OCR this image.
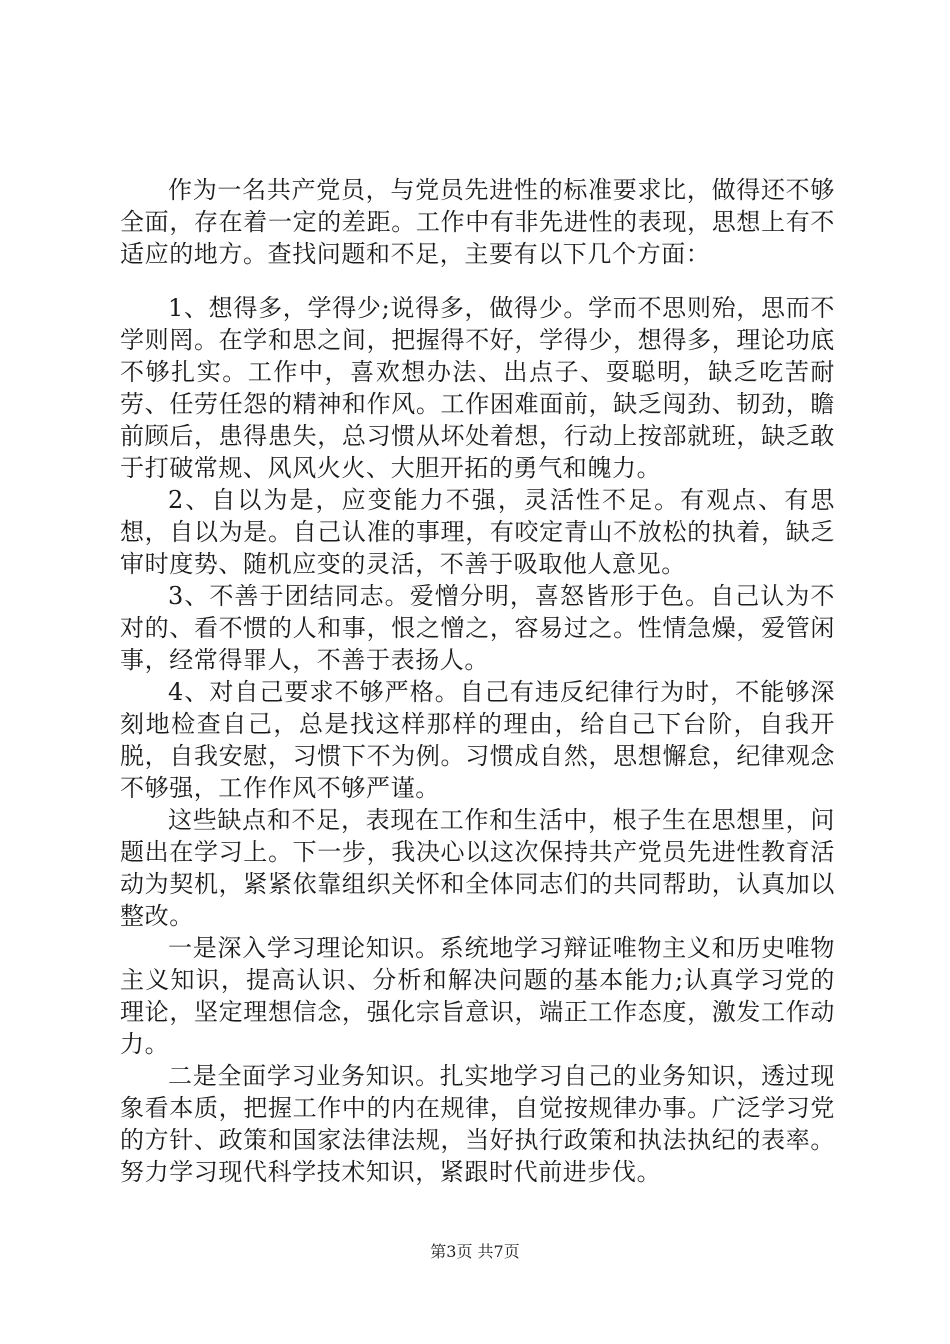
作为一名共产党员，与党员先进性的标准要求比，做得还不够全面，存在着一定的差距。工作中有非先进性的表现，思想上有不适应的地方。查找问题和不足，主要有以下几个方面：

1、想得多，学得少;说得多，做得少。学而不思则殆，思而不学则罔。在学和思之间，把握得不好，学得少，想得多，理论功底不够扎实。工作中，喜欢想办法、出点子、耍聪明，缺乏吃苦耐劳、任劳任怨的精神和作风。工作困难面前，缺乏闯劲、韧劲，瞻前顾后，患得患失，总习惯从坏处着想，行动上按部就班，缺乏敢于打破常规、风风火火、大胆开拓的勇气和魄力。

2、自以为是，应变能力不强，灵活性不足。有观点、有思想，自以为是。自己认准的事理，有咬定青山不放松的执着，缺乏审时度势、随机应变的灵活，不善于吸取他人意见。

3、不善于团结同志。爱憎分明，喜怒皆形于色。自己认为不对的、看不惯的人和事，恨之憎之，容易过之。性情急燥，爱管闲事，经常得罪人，不善于表扬人。

4、对自己要求不够严格。自己有违反纪律行为时，不能够深刻地检查自己，总是找这样那样的理由，给自己下台阶，自我开脱，自我安慰，习惯下不为例。习惯成自然，思想懈怠，纪律观念不够强，工作作风不够严谨。

这些缺点和不足，表现在工作和生活中，根子生在思想里，问题出在学习上。下一步，我决心以这次保持共产党员先进性教育活动为契机，紧紧依靠组织关怀和全体同志们的共同帮助，认真加以整改。

一是深入学习理论知识。系统地学习辩证唯物主义和历史唯物主义知识，提高认识、分析和解决问题的基本能力;认真学习党的理论，坚定理想信念，强化宗旨意识，端正工作态度，激发工作动力。

二是全面学习业务知识。扎实地学习自己的业务知识，透过现象看本质，把握工作中的内在规律，自觉按规律办事。广泛学习党的方针、政策和国家法律法规，当好执行政策和执法执纪的表率。努力学习现代科学技术知识，紧跟时代前进步伐。

第3页 共7页
